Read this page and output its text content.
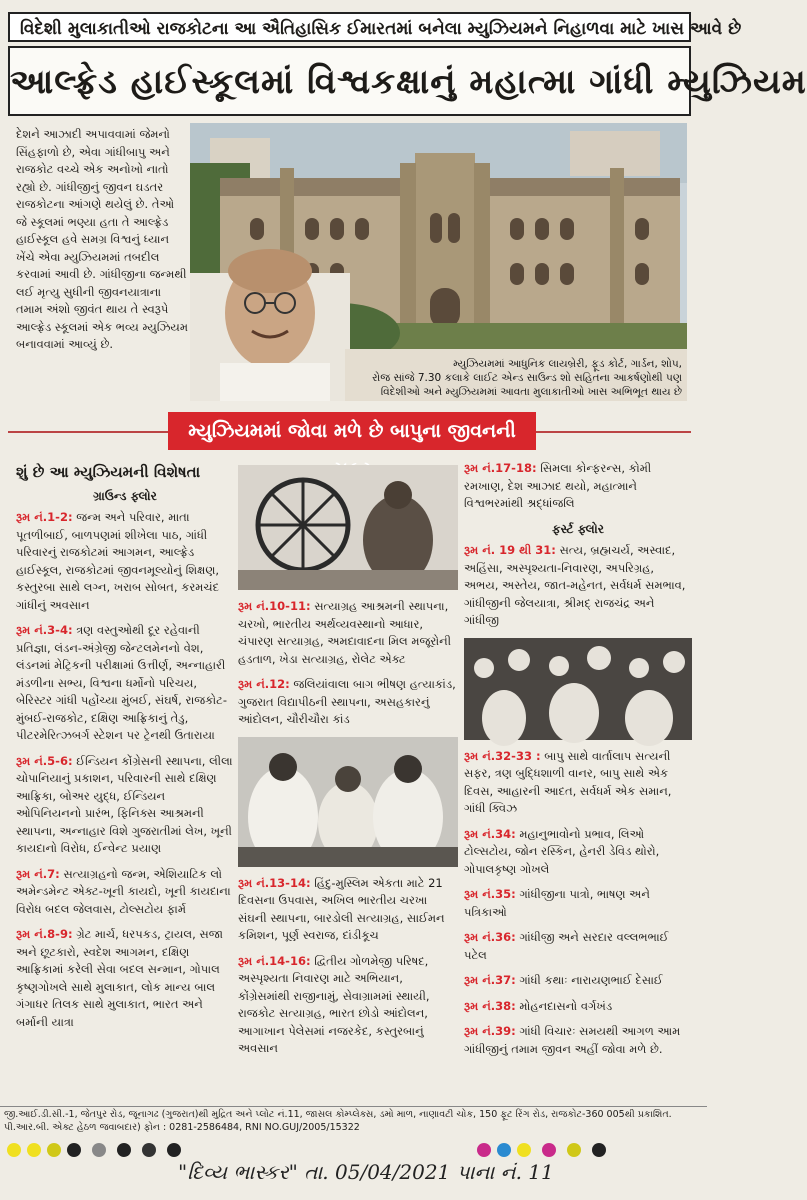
વિદેશી મુલાકાતીઓ રાજકોટના આ ઐતિહાસિક ઈમારતમાં બનેલા મ્યુઝિયમને નિહાળવા માટે ખાસ આવે છે
આલ્ફ્રેડ હાઈસ્કૂલમાં વિશ્વકક્ષાનું મહાત્મા ગાંધી મ્યુઝિયમ
દેશને આઝાદી અપાવવામાં જેમનો સિંહફાળો છે, એવા ગાંધીબાપુ અને રાજકોટ વચ્ચે એક અનોખો નાતો રહ્યો છે. ગાંધીજીનું જીવન ઘડતર રાજકોટના આંગણે થયેલું છે. તેઓ જે સ્કૂલમાં ભણ્યા હતા તે આલ્ફ્રેડ હાઈસ્કૂલ હવે સમગ્ર વિશ્વનું ધ્યાન ખેંચે એવા મ્યુઝિયમમાં તબદીલ કરવામાં આવી છે. ગાંધીજીના જન્મથી લઈ મૃત્યુ સુધીની જીવનયાત્રાના તમામ અંશો જીવંત થાય તે સ્વરૂપે આલ્ફ્રેડ સ્કૂલમાં એક ભવ્ય મ્યુઝિયમ બનાવવામાં આવ્યું છે.
મ્યુઝિયમમાં આધુનિક લાયબ્રેરી, ફૂડ કોર્ટ, ગાર્ડન, શોપ,
રોજ સાંજે 7.30 કલાકે લાઈટ એન્ડ સાઉન્ડ શો સહિતના આકર્ષણોથી પણ
વિદેશીઓ અને મ્યુઝિયમમાં આવતા મુલાકાતીઓ ખાસ અભિભૂત થાય છે
મ્યુઝિયમમાં જોવા મળે છે બાપુના જીવનની
શું છે આ મ્યુઝિયમની વિશેષતા
ગ્રાઉન્ડ ફ્લોર
રૂમ નં.1-2: જન્મ અને પરિવાર, માતા પૂતળીબાઈ, બાળપણમાં શીખેલા પાઠ, ગાંધી પરિવારનું રાજકોટમાં આગમન, આલ્ફ્રેડ હાઈસ્કૂલ, રાજકોટમાં જીવનમૂલ્યોનું શિક્ષણ, કસ્તુરબા સાથે લગ્ન, ખરાબ સોબત, કરમચંદ ગાંધીનું અવસાન
રૂમ નં.3-4: ત્રણ વસ્તુઓથી દૂર રહેવાની પ્રતિજ્ઞા, લંડન-અંગ્રેજી જેન્ટલમેનનો વેશ, લંડનમાં મેટ્રિકની પરીક્ષામાં ઉત્તીર્ણ, અન્નાહારી મંડળીના સભ્ય, વિશ્વના ધર્મોનો પરિચય, બેરિસ્ટર ગાંધી પહોંચ્યા મુંબઈ, સંઘર્ષ, રાજકોટ-મુંબઈ-રાજકોટ, દક્ષિણ આફ્રિકાનું તેડુ, પીટરમેરિત્ઝબર્ગ સ્ટેશન પર ટ્રેનથી ઉતારાયા
રૂમ નં.5-6: ઈન્ડિયન કોંગ્રેસની સ્થાપના, લીલા ચોપાનિયાનું પ્રકાશન, પરિવારની સાથે દક્ષિણ આફ્રિકા, બોઅર યુદ્ધ, ઈન્ડિયન ઓપિનિયનનો પ્રારંભ, ફિનિક્સ આશ્રમની સ્થાપના, અન્નાહાર વિશે ગુજરાતીમાં લેખ, ખૂની કાયદાનો વિરોધ, ઈન્વેન્ટ પ્રયાણ
રૂમ નં.7: સત્યાગ્રહનો જન્મ, એશિયાટિક લો અમેન્ડમેન્ટ એક્ટ-ખૂની કાયદો, ખૂની કાયદાના વિરોધ બદલ જેલવાસ, ટોલ્સટોય ફાર્મ
રૂમ નં.8-9: ગ્રેટ માર્ચ, ધરપકડ, ટ્રાયલ, સજા અને છૂટકારો, સ્વદેશ આગમન, દક્ષિણ આફ્રિકામાં કરેલી સેવા બદલ સન્માન, ગોપાલ કૃષ્ણગોખલે સાથે મુલાકાત, લોક માન્ય બાલ ગંગાધર તિલક સાથે મુલાકાત, ભારત અને બર્માની યાત્રા
રૂમ નં.10-11: સત્યાગ્રહ આશ્રમની સ્થાપના, ચરખો, ભારતીય અર્થવ્યવસ્થાનો આધાર, ચંપારણ સત્યાગ્રહ, અમદાવાદના મિલ મજૂરોની હડતાળ, ખેડા સત્યાગ્રહ, રોલેટ એક્ટ
રૂમ નં.12: જલિયાંવાલા બાગ ભીષણ હત્યાકાંડ, ગુજરાત વિદ્યાપીઠની સ્થાપના, અસહકારનું આંદોલન, ચૌરીચૌરા કાંડ
રૂમ નં.13-14: હિંદુ-મુસ્લિમ એકતા માટે 21 દિવસના ઉપવાસ, અખિલ ભારતીય ચરખા સંઘની સ્થાપના, બારડોલી સત્યાગ્રહ, સાઈમન કમિશન, પૂર્ણ સ્વરાજ, દાંડીકૂચ
રૂમ નં.14-16: દ્વિતીય ગોળમેજી પરિષદ, અસ્પૃશ્યતા નિવારણ માટે અભિયાન, કોંગ્રેસમાંથી રાજીનામું, સેવાગ્રામમાં સ્થાયી, રાજકોટ સત્યાગ્રહ, ભારત છોડો આંદોલન, આગાખાન પેલેસમાં નજરકેદ, કસ્તુરબાનું અવસાન
રૂમ નં.17-18: સિમલા કોન્ફરન્સ, કોમી રમખાણ, દેશ આઝાદ થયો, મહાત્માને વિશ્વભરમાંથી શ્રદ્ધાંજલિ
ફર્સ્ટ ફ્લોર
રૂમ નં. 19 થી 31: સત્ય, બ્રહ્મચર્ય, અસ્વાદ, અહિંસા, અસ્પૃશ્યતા-નિવારણ, અપરિગ્રહ, અભય, અસ્તેય, જાત-મહેનત, સર્વધર્મ સમભાવ, ગાંધીજીની જેલયાત્રા, શ્રીમદ્ રાજચંદ્ર અને ગાંધીજી
રૂમ નં.32-33 : બાપુ સાથે વાર્તાલાપ સત્યની સફર, ત્રણ બુદ્ધિશાળી વાનર, બાપુ સાથે એક દિવસ, આહારની આદત, સર્વધર્મ એક સમાન, ગાંધી ક્વિઝ
રૂમ નં.34: મહાનુભાવોનો પ્રભાવ, લિઓ ટોલ્સટોય, જોન રસ્કિન, હેનરી ડેવિડ થોરો, ગોપાલકૃષ્ણ ગોખલે
રૂમ નં.35: ગાંધીજીના પાત્રો, ભાષણ અને પત્રિકાઓ
રૂમ નં.36: ગાંધીજી અને સરદાર વલ્લભભાઈ પટેલ
રૂમ નં.37: ગાંધી કથાઃ નારાયણભાઈ દેસાઈ
રૂમ નં.38: મોહનદાસનો વર્ગખંડ
રૂમ નં.39: ગાંધી વિચારઃ સમયથી આગળ આમ ગાંધીજીનું તમામ જીવન અહીં જોવા મળે છે.
જી.આઈ.ડી.સી.-1, જેતપુર રોડ, જૂનાગઢ (ગુજરાત)થી મુદ્રિત અને પ્લોટ નં.11, જાસલ કોમ્પ્લેક્સ, ડમો માળ, નાણાવટી ચોક, 150 ફૂટ રિંગ રોડ, રાજકોટ-360 005થી પ્રકાશિત.
પી.આર.બી. એક્ટ હેઠળ જવાબદાર) ફોન : 0281-2586484, RNI NO.GUJ/2005/15322
"દિવ્ય ભાસ્કર" તા. 05/04/2021 પાના નં. 11
